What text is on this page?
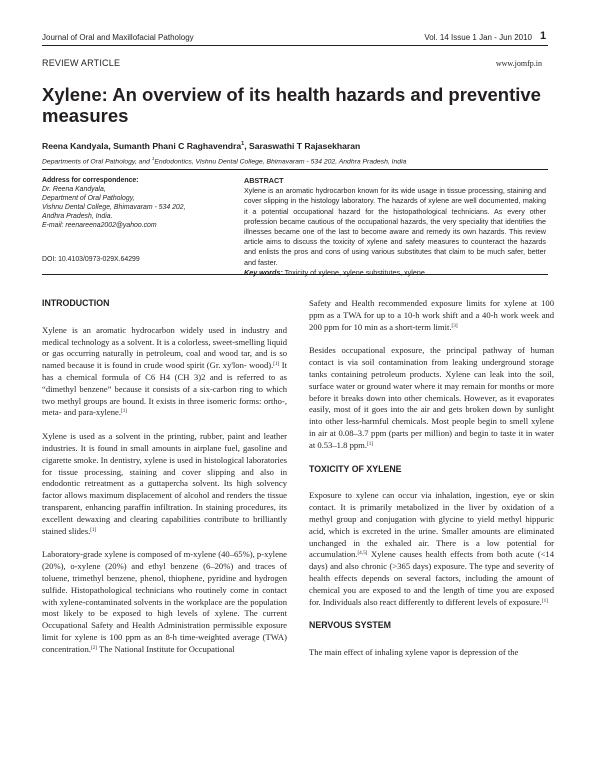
Journal of Oral and Maxillofacial Pathology	Vol. 14 Issue 1 Jan - Jun 2010 1
REVIEW ARTICLE	www.jomfp.in
Xylene: An overview of its health hazards and preventive measures
Reena Kandyala, Sumanth Phani C Raghavendra$^1$, Saraswathi T Rajasekharan
Departments of Oral Pathology, and $^1$Endodontics, Vishnu Dental College, Bhimavaram - 534 202, Andhra Pradesh, India
Address for correspondence:
Dr. Reena Kandyala,
Department of Oral Pathology,
Vishnu Dental College, Bhimavaram - 534 202,
Andhra Pradesh, India.
E-mail: reenareena2002@yahoo.com
DOI: 10.4103/0973-029X.64299
ABSTRACT
Xylene is an aromatic hydrocarbon known for its wide usage in tissue processing, staining and cover slipping in the histology laboratory. The hazards of xylene are well documented, making it a potential occupational hazard for the histopathological technicians. As every other profession became cautious of the occupational hazards, the very speciality that identifies the illnesses became one of the last to become aware and remedy its own hazards. This review article aims to discuss the toxicity of xylene and safety measures to counteract the hazards and enlists the pros and cons of using various substitutes that claim to be much safer, better and faster.
Key words: Toxicity of xylene, xylene substitutes, xylene
INTRODUCTION

Xylene is an aromatic hydrocarbon widely used in industry and medical technology as a solvent. It is a colorless, sweet-smelling liquid or gas occurring naturally in petroleum, coal and wood tar, and is so named because it is found in crude wood spirit (Gr. xy'lon- wood).[1] It has a chemical formula of C6 H4 (CH 3)2 and is referred to as “dimethyl benzene” because it consists of a six-carbon ring to which two methyl groups are bound. It exists in three isomeric forms: ortho-, meta- and para-xylene.[1]

Xylene is used as a solvent in the printing, rubber, paint and leather industries. It is found in small amounts in airplane fuel, gasoline and cigarette smoke. In dentistry, xylene is used in histological laboratories for tissue processing, staining and cover slipping and also in endodontic retreatment as a guttapercha solvent. Its high solvency factor allows maximum displacement of alcohol and renders the tissue transparent, enhancing paraffin infiltration. In staining procedures, its excellent dewaxing and clearing capabilities contribute to brilliantly stained slides.[1]

Laboratory-grade xylene is composed of m-xylene (40–65%), p-xylene (20%), o-xylene (20%) and ethyl benzene (6–20%) and traces of toluene, trimethyl benzene, phenol, thiophene, pyridine and hydrogen sulfide. Histopathological technicians who routinely come in contact with xylene-contaminated solvents in the workplace are the population most likely to be exposed to high levels of xylene. The current Occupational Safety and Health Administration permissible exposure limit for xylene is 100 ppm as an 8-h time-weighted average (TWA) concentration.[2] The National Institute for Occupational

Safety and Health recommended exposure limits for xylene at 100 ppm as a TWA for up to a 10-h work shift and a 40-h work week and 200 ppm for 10 min as a short-term limit.[3]

Besides occupational exposure, the principal pathway of human contact is via soil contamination from leaking underground storage tanks containing petroleum products. Xylene can leak into the soil, surface water or ground water where it may remain for months or more before it breaks down into other chemicals. However, as it evaporates easily, most of it goes into the air and gets broken down by sunlight into other less-harmful chemicals. Most people begin to smell xylene in air at 0.08–3.7 ppm (parts per million) and begin to taste it in water at 0.53–1.8 ppm.[1]

TOXICITY OF XYLENE

Exposure to xylene can occur via inhalation, ingestion, eye or skin contact. It is primarily metabolized in the liver by oxidation of a methyl group and conjugation with glycine to yield methyl hippuric acid, which is excreted in the urine. Smaller amounts are eliminated unchanged in the exhaled air. There is a low potential for accumulation.[4,5] Xylene causes health effects from both acute (<14 days) and also chronic (>365 days) exposure. The type and severity of health effects depends on several factors, including the amount of chemical you are exposed to and the length of time you are exposed for. Individuals also react differently to different levels of exposure.[1]

NERVOUS SYSTEM

The main effect of inhaling xylene vapor is depression of the
